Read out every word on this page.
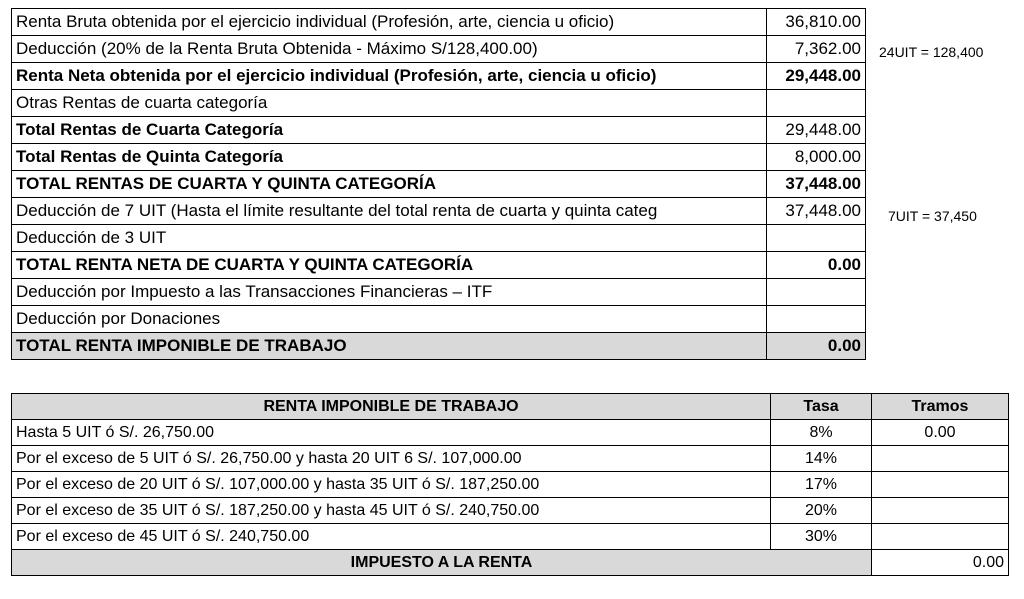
Renta Bruta obtenida por el ejercicio individual (Profesión, arte, ciencia u oficio)	36,810.00
Deducción (20% de la Renta Bruta Obtenida - Máximo S/128,400.00)	7,362.00
Renta Neta obtenida por el ejercicio individual (Profesión, arte, ciencia u oficio)	29,448.00
Otras Rentas de cuarta categoría	
Total Rentas de Cuarta Categoría	29,448.00
Total Rentas de Quinta Categoría	8,000.00
TOTAL RENTAS DE CUARTA Y QUINTA CATEGORÍA	37,448.00
Deducción de 7 UIT (Hasta el límite resultante del total renta de cuarta y quinta categ	37,448.00
Deducción de 3 UIT	
TOTAL RENTA NETA DE CUARTA Y QUINTA CATEGORÍA	0.00
Deducción por Impuesto a las Transacciones Financieras – ITF	
Deducción por Donaciones	
TOTAL RENTA IMPONIBLE DE TRABAJO	0.00
24UIT = 128,400
7UIT = 37,450
RENTA IMPONIBLE DE TRABAJO	Tasa	Tramos
Hasta 5 UIT ó S/. 26,750.00	8%	0.00
Por el exceso de 5 UIT ó S/. 26,750.00 y hasta 20 UIT 6 S/. 107,000.00	14%	
Por el exceso de 20 UIT ó S/. 107,000.00 y hasta 35 UIT ó S/. 187,250.00	17%	
Por el exceso de 35 UIT ó S/. 187,250.00 y hasta 45 UIT ó S/. 240,750.00	20%	
Por el exceso de 45 UIT ó S/. 240,750.00	30%	
IMPUESTO A LA RENTA		0.00
